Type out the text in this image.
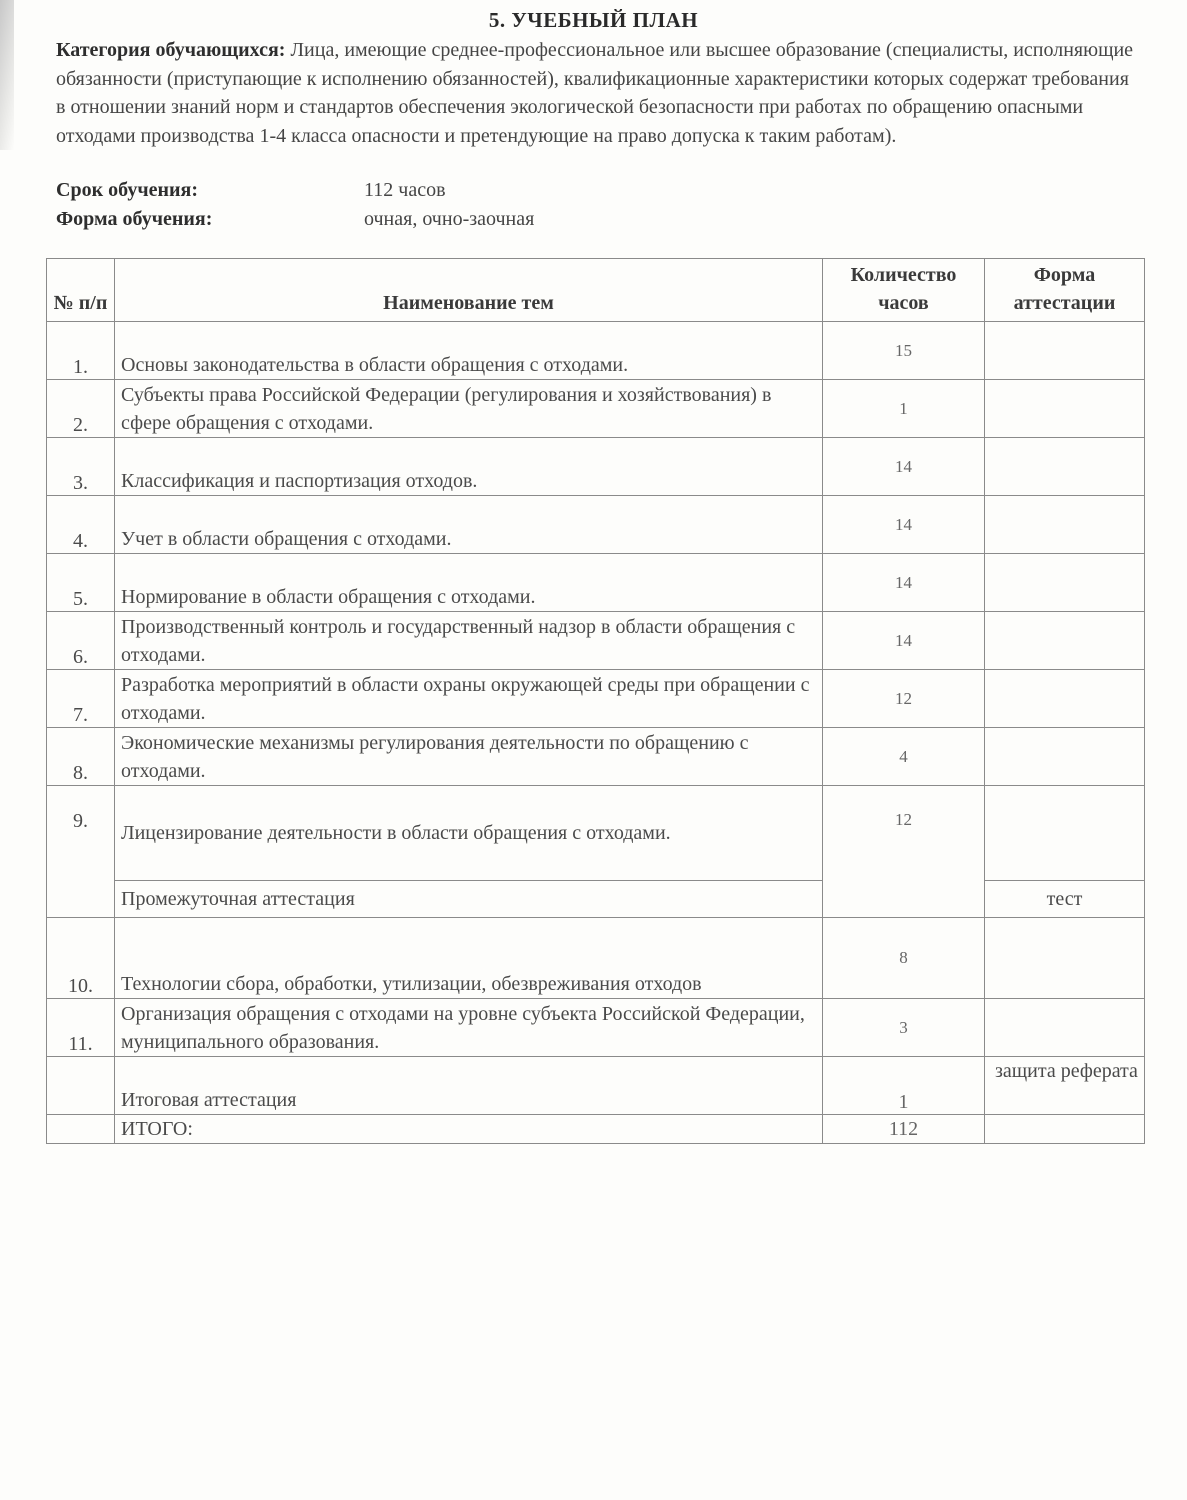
5. УЧЕБНЫЙ ПЛАН
Категория обучающихся: Лица, имеющие среднее-профессиональное или высшее образование (специалисты, исполняющие обязанности (приступающие к исполнению обязанностей), квалификационные характеристики которых содержат требования в отношении знаний норм и стандартов обеспечения экологической безопасности при работах по обращению опасными отходами производства 1-4 класса опасности и претендующие на право допуска к таким работам).
Срок обучения:	112 часов
Форма обучения:	очная, очно-заочная
№ п/п	Наименование тем	Количество часов	Форма аттестации
1.	Основы законодательства в области обращения с отходами.	15	
2.	Субъекты права Российской Федерации (регулирования и хозяйствования) в сфере обращения с отходами.	1	
3.	Классификация и паспортизация отходов.	14	
4.	Учет в области обращения с отходами.	14	
5.	Нормирование в области обращения с отходами.	14	
6.	Производственный контроль и государственный надзор в области обращения с отходами.	14	
7.	Разработка мероприятий в области охраны окружающей среды при обращении с отходами.	12	
8.	Экономические механизмы регулирования деятельности по обращению с отходами.	4	
9.	Лицензирование деятельности в области обращения с отходами.	12	
	Промежуточная аттестация		тест
10.	Технологии сбора, обработки, утилизации, обезвреживания отходов	8	
11.	Организация обращения с отходами на уровне субъекта Российской Федерации, муниципального образования.	3	
	Итоговая аттестация	1	защита реферата
	ИТОГО:	112	
